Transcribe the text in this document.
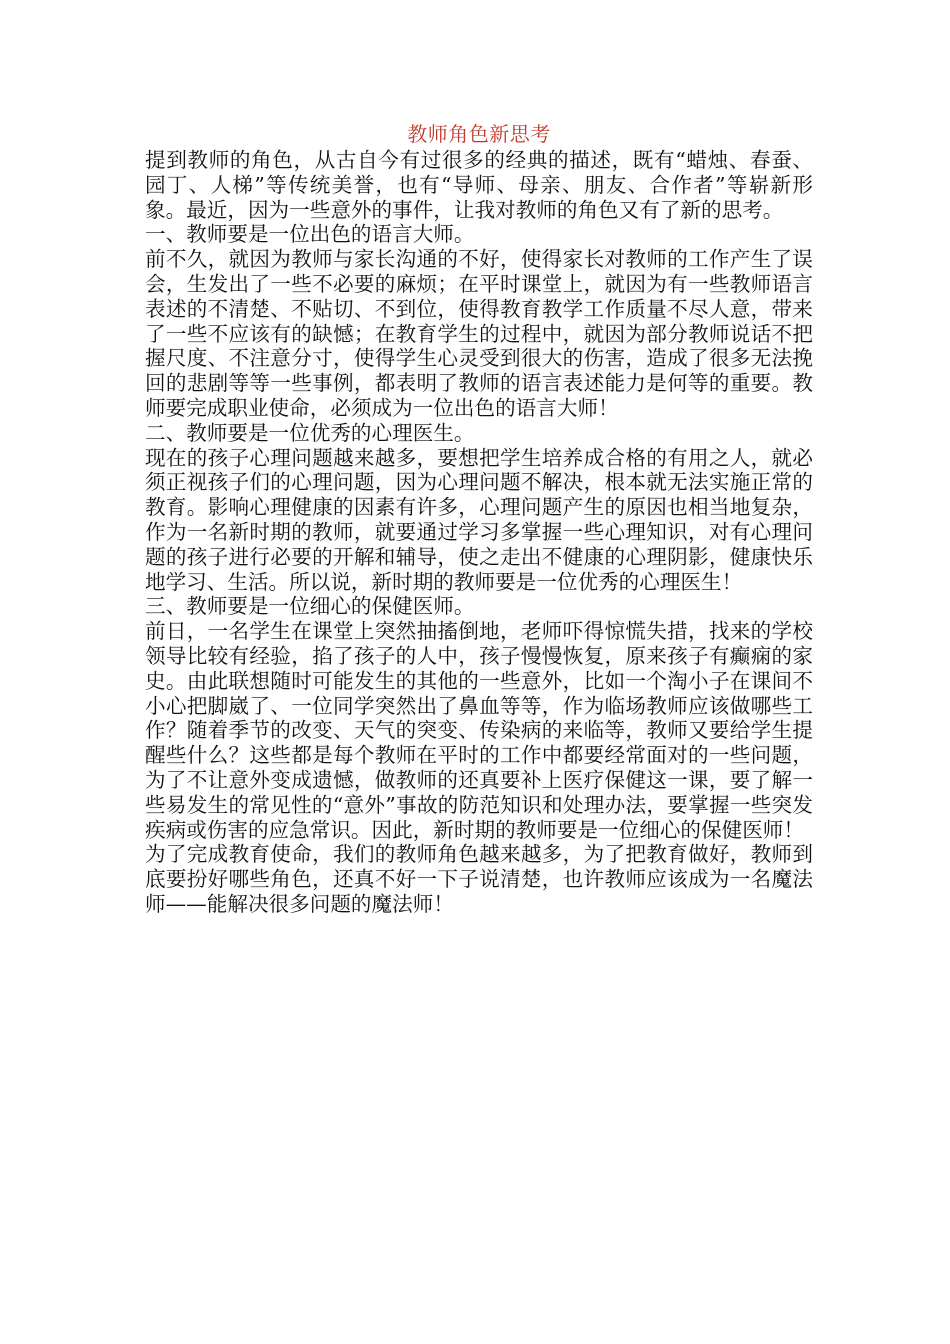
教师角色新思考

提到教师的角色，从古自今有过很多的经典的描述，既有“蜡烛、春蚕、园丁、人梯”等传统美誉，也有“导师、母亲、朋友、合作者”等崭新形象。最近，因为一些意外的事件，让我对教师的角色又有了新的思考。

一、教师要是一位出色的语言大师。

前不久，就因为教师与家长沟通的不好，使得家长对教师的工作产生了误会，生发出了一些不必要的麻烦；在平时课堂上，就因为有一些教师语言表述的不清楚、不贴切、不到位，使得教育教学工作质量不尽人意，带来了一些不应该有的缺憾；在教育学生的过程中，就因为部分教师说话不把握尺度、不注意分寸，使得学生心灵受到很大的伤害，造成了很多无法挽回的悲剧等等一些事例，都表明了教师的语言表述能力是何等的重要。教师要完成职业使命，必须成为一位出色的语言大师！

二、教师要是一位优秀的心理医生。

现在的孩子心理问题越来越多，要想把学生培养成合格的有用之人，就必须正视孩子们的心理问题，因为心理问题不解决，根本就无法实施正常的教育。影响心理健康的因素有许多，心理问题产生的原因也相当地复杂，作为一名新时期的教师，就要通过学习多掌握一些心理知识，对有心理问题的孩子进行必要的开解和辅导，使之走出不健康的心理阴影，健康快乐地学习、生活。所以说，新时期的教师要是一位优秀的心理医生！

三、教师要是一位细心的保健医师。

前日，一名学生在课堂上突然抽搐倒地，老师吓得惊慌失措，找来的学校领导比较有经验，掐了孩子的人中，孩子慢慢恢复，原来孩子有癫痫的家史。由此联想随时可能发生的其他的一些意外，比如一个淘小子在课间不小心把脚崴了、一位同学突然出了鼻血等等，作为临场教师应该做哪些工作？随着季节的改变、天气的突变、传染病的来临等，教师又要给学生提醒些什么？这些都是每个教师在平时的工作中都要经常面对的一些问题，为了不让意外变成遗憾，做教师的还真要补上医疗保健这一课，要了解一些易发生的常见性的“意外”事故的防范知识和处理办法，要掌握一些突发疾病或伤害的应急常识。因此，新时期的教师要是一位细心的保健医师！

为了完成教育使命，我们的教师角色越来越多，为了把教育做好，教师到底要扮好哪些角色，还真不好一下子说清楚，也许教师应该成为一名魔法师——能解决很多问题的魔法师！
